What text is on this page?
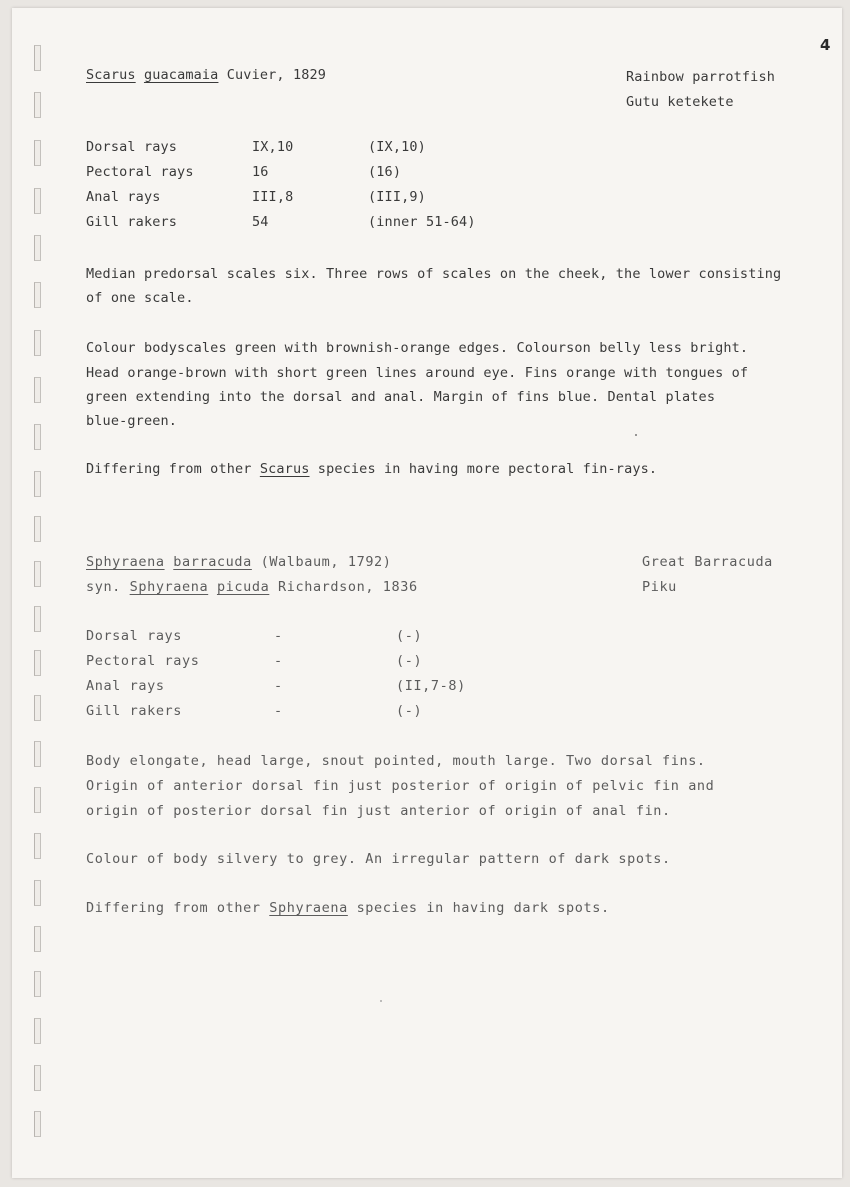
4
Scarus guacamaia Cuvier, 1829	Rainbow parrotfish
Gutu ketekete
Dorsal rays	IX,10	(IX,10)
Pectoral rays	16	(16)
Anal rays	III,8	(III,9)
Gill rakers	54	(inner 51-64)
Median predorsal scales six. Three rows of scales on the cheek, the lower consisting
of one scale.
Colour bodyscales green with brownish-orange edges. Colourson belly less bright.
Head orange-brown with short green lines around eye. Fins orange with tongues of
green extending into the dorsal and anal. Margin of fins blue. Dental plates
blue-green.
Differing from other Scarus species in having more pectoral fin-rays.
Sphyraena barracuda (Walbaum, 1792)
syn. Sphyraena picuda Richardson, 1836
Great Barracuda
Piku
Dorsal rays	-	(-)
Pectoral rays	-	(-)
Anal rays	-	(II,7-8)
Gill rakers	-	(-)
Body elongate, head large, snout pointed, mouth large. Two dorsal fins.
Origin of anterior dorsal fin just posterior of origin of pelvic fin and
origin of posterior dorsal fin just anterior of origin of anal fin.
Colour of body silvery to grey. An irregular pattern of dark spots.
Differing from other Sphyraena species in having dark spots.
